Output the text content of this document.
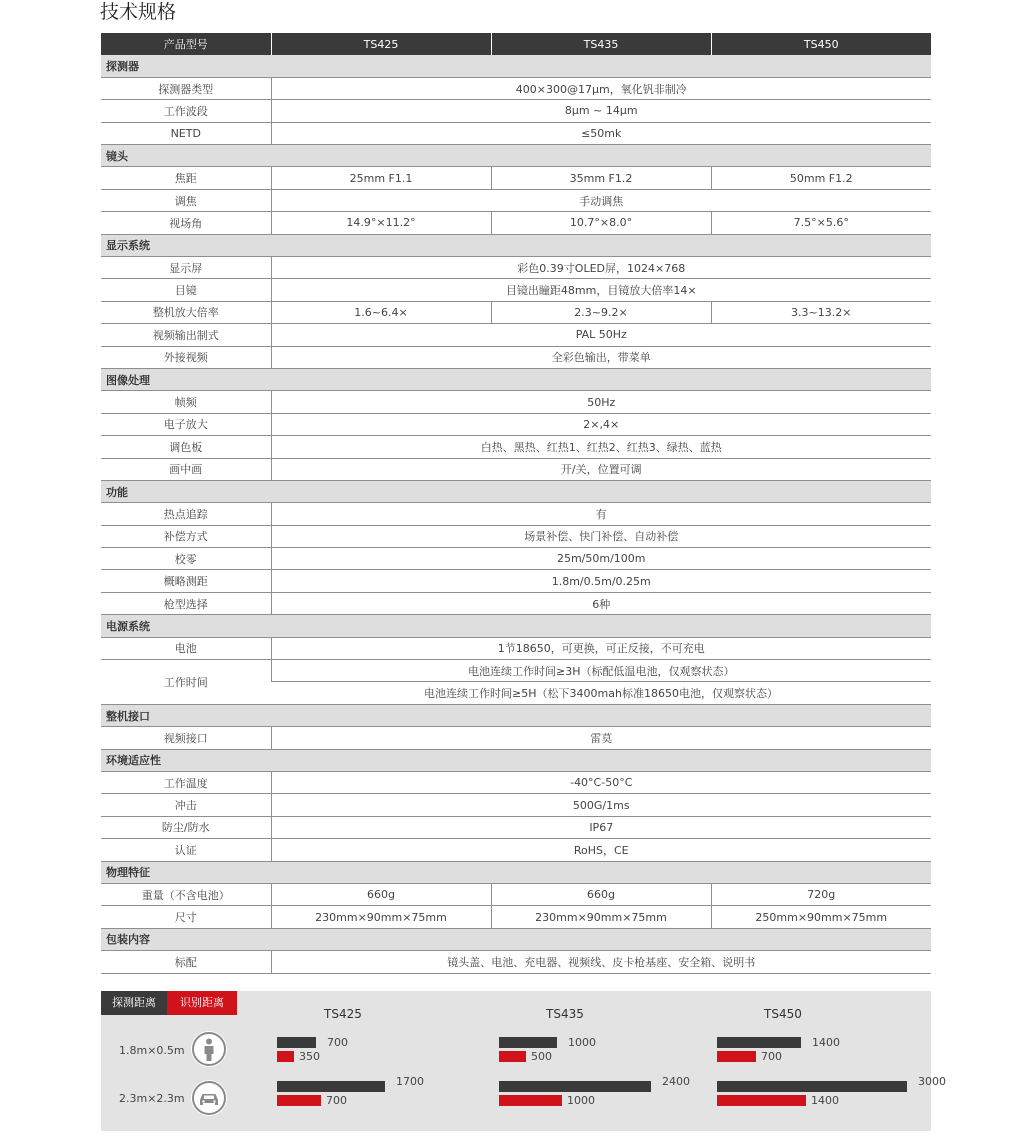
技术规格
产品型号	TS425	TS435	TS450
探测器			
探测器类型	400×300@17μm，氧化钒非制冷		
工作波段	8μm ~ 14μm		
NETD	≤50mk		
镜头			
焦距	25mm F1.1	35mm F1.2	50mm F1.2
调焦	手动调焦		
视场角	14.9°×11.2°	10.7°×8.0°	7.5°×5.6°
显示系统			
显示屏	彩色0.39寸OLED屏，1024×768		
目镜	目镜出瞳距48mm，目镜放大倍率14×		
整机放大倍率	1.6~6.4×	2.3~9.2×	3.3~13.2×
视频输出制式	PAL 50Hz		
外接视频	全彩色输出，带菜单		
图像处理			
帧频	50Hz		
电子放大	2×,4×		
调色板	白热、黑热、红热1、红热2、红热3、绿热、蓝热		
画中画	开/关，位置可调		
功能			
热点追踪	有		
补偿方式	场景补偿、快门补偿、自动补偿		
校零	25m/50m/100m		
概略测距	1.8m/0.5m/0.25m		
枪型选择	6种		
电源系统			
电池	1节18650，可更换，可正反接，不可充电		
工作时间	电池连续工作时间≥3H（标配低温电池，仅观察状态）		
	电池连续工作时间≥5H（松下3400mah标准18650电池，仅观察状态）		
整机接口			
视频接口	雷莫		
环境适应性			
工作温度	-40°C-50°C		
冲击	500G/1ms		
防尘/防水	IP67		
认证	RoHS，CE		
物理特征			
重量（不含电池）	660g	660g	720g
尺寸	230mm×90mm×75mm	230mm×90mm×75mm	250mm×90mm×75mm
包装内容			
标配	镜头盖、电池、充电器、视频线、皮卡枪基座、安全箱、说明书		
探测距离	识别距离
1.8m×0.5m
2.3m×2.3m
TS425
700
350
1700
700
TS435
1000
500
2400
1000
TS450
1400
700
3000
1400
